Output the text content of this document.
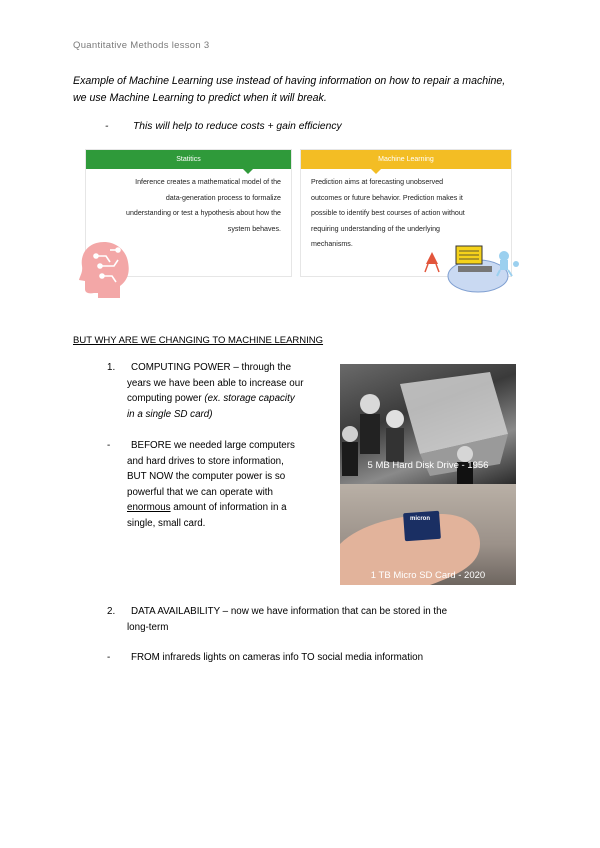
Quantitative Methods lesson 3
Example of Machine Learning use instead of having information on how to repair a machine,
we use Machine Learning to predict when it will break.
- This will help to reduce costs + gain efficiency
Statitics
Inference creates a mathematical model of the
data-generation process to formalize
understanding or test a hypothesis about how the
system behaves.
Machine Learning
Prediction aims at forecasting unobserved
outcomes or future behavior. Prediction makes it
possible to identify best courses of action without
requiring understanding of the underlying
mechanisms.
BUT WHY ARE WE CHANGING TO MACHINE LEARNING
1. COMPUTING POWER – through the
years we have been able to increase our
computing power (ex. storage capacity
in a single SD card)
- BEFORE we needed large computers
and hard drives to store information,
BUT NOW the computer power is so
powerful that we can operate with
enormous amount of information in a
single, small card.
5 MB Hard Disk Drive - 1956
micron
1 TB Micro SD Card - 2020
2. DATA AVAILABILITY – now we have information that can be stored in the
long-term
- FROM infrareds lights on cameras info TO social media information
